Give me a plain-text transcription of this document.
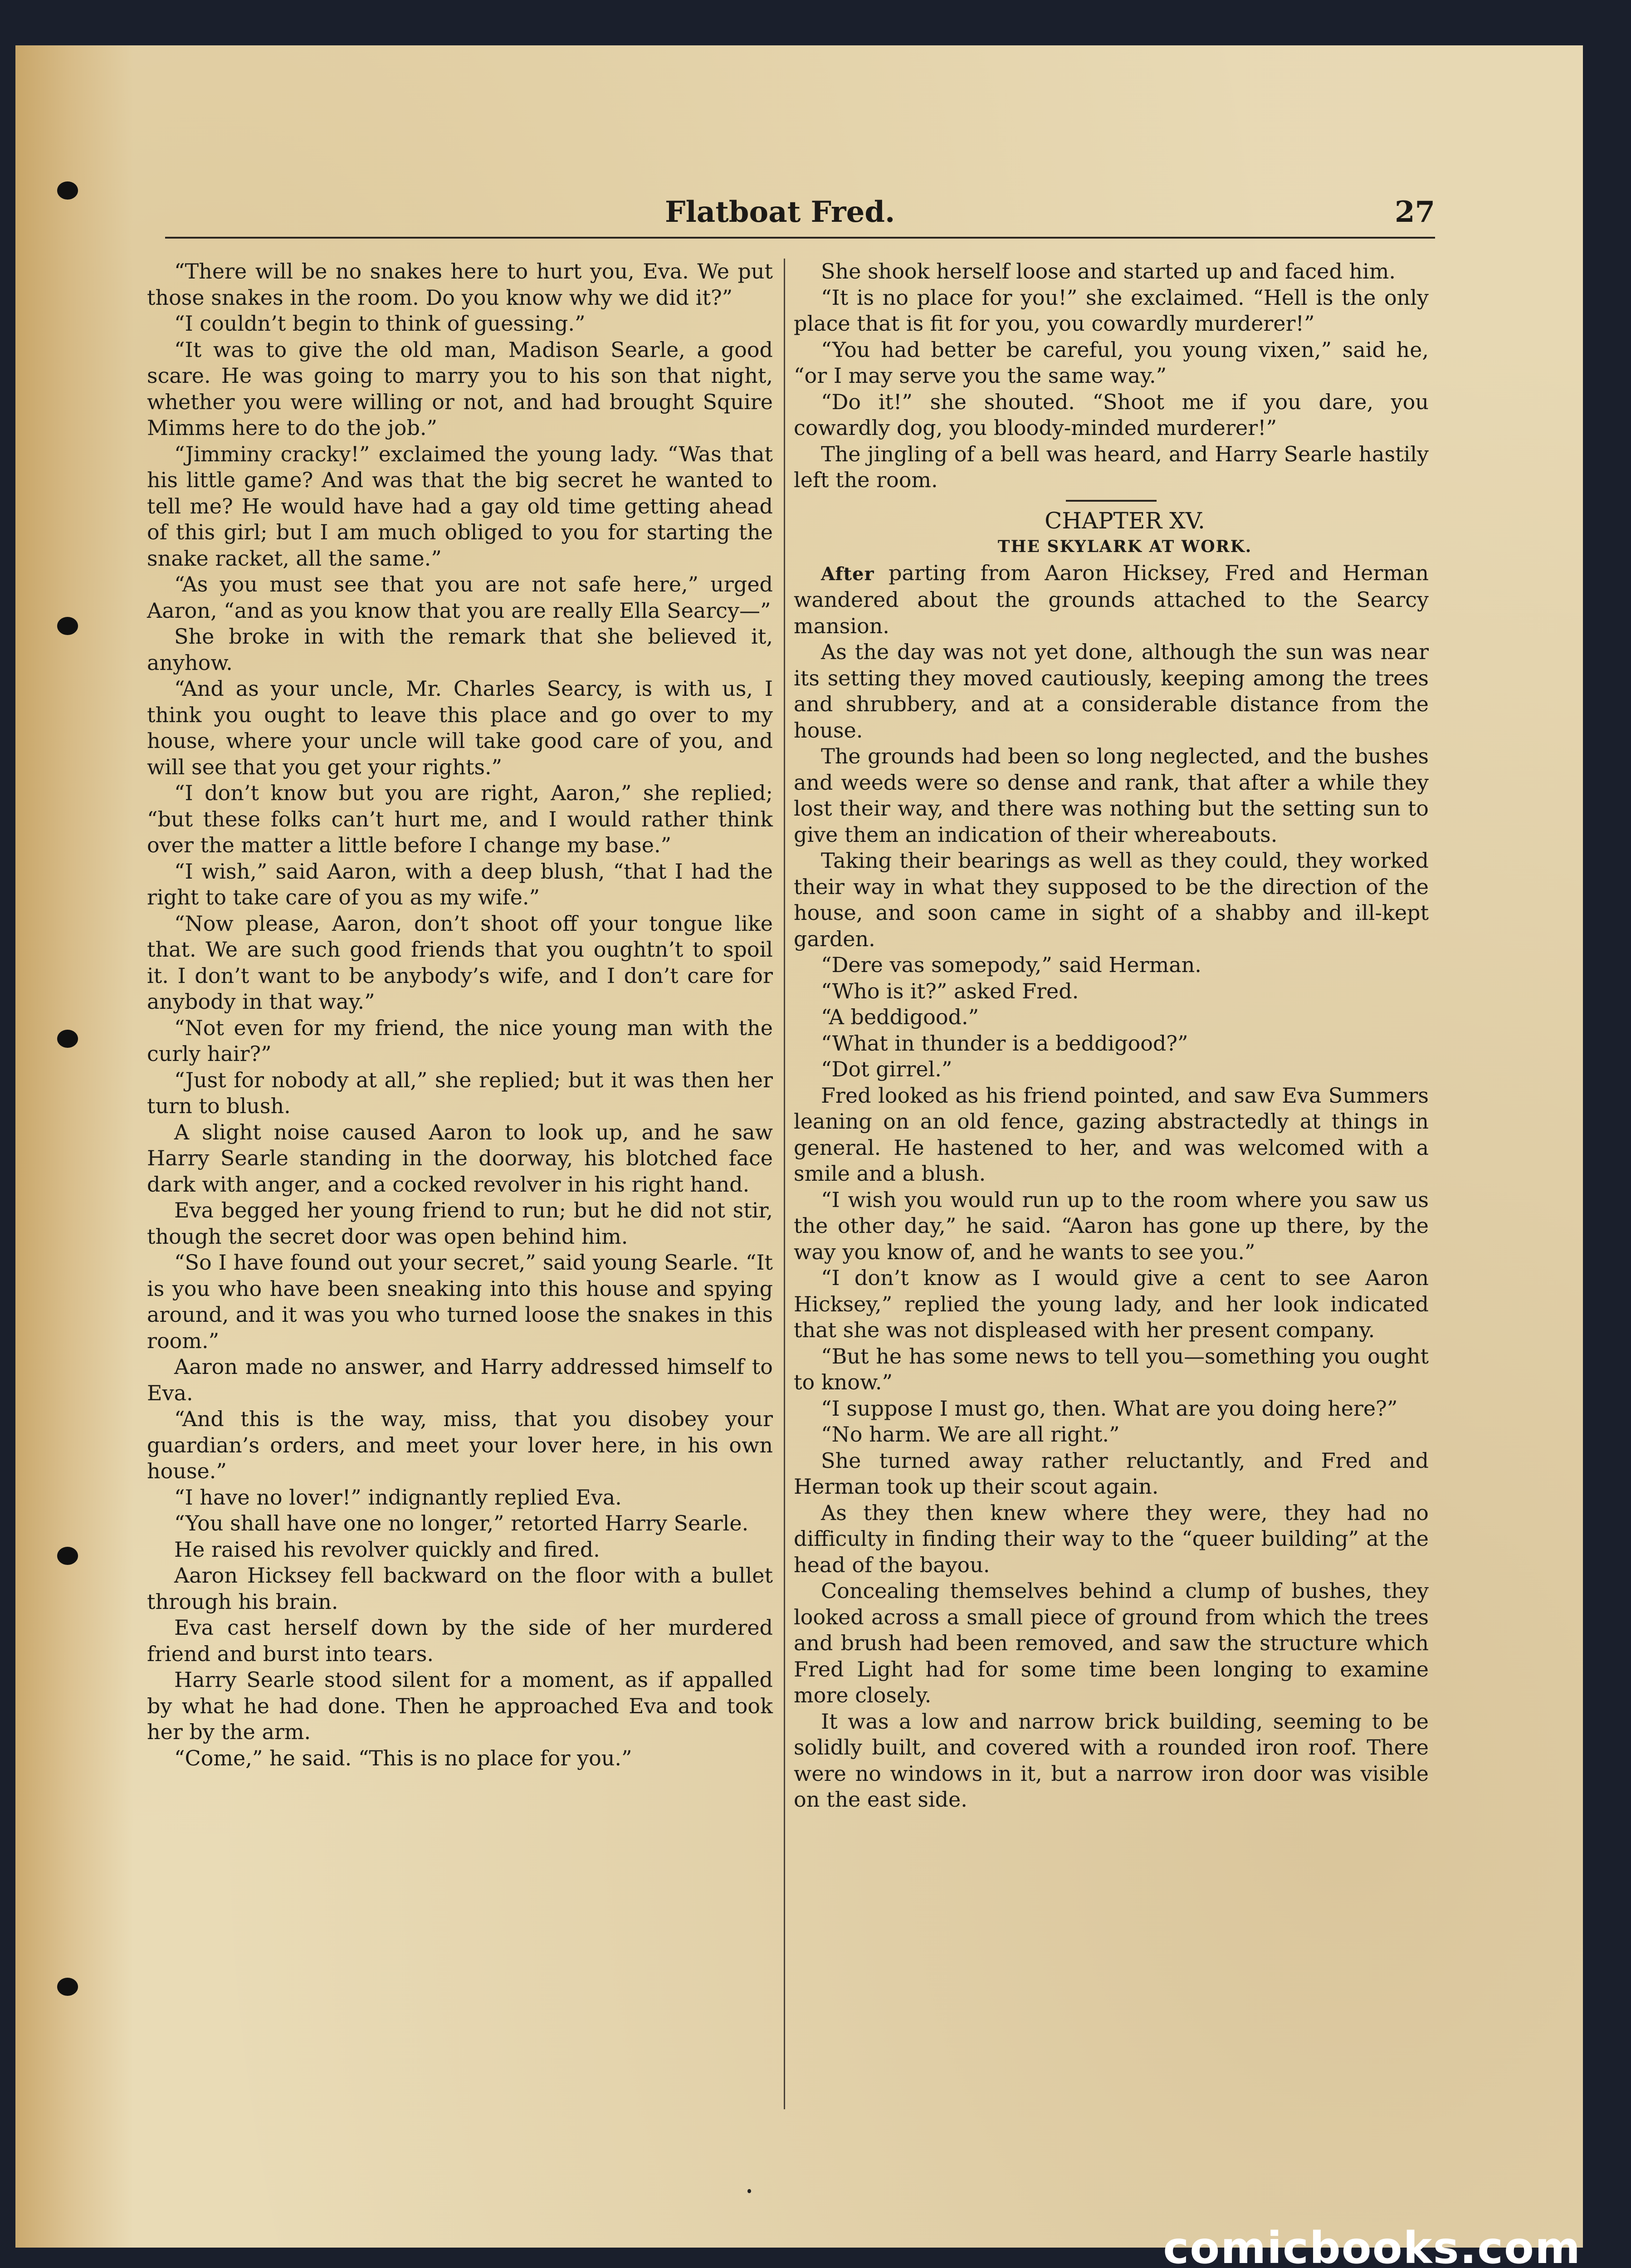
Flatboat Fred.	27

“There will be no snakes here to hurt you, Eva. We put those snakes in the room. Do you know why we did it?”

“I couldn’t begin to think of guessing.”

“It was to give the old man, Madison Searle, a good scare. He was going to marry you to his son that night, whether you were willing or not, and had brought Squire Mimms here to do the job.”

“Jimminy cracky!” exclaimed the young lady. “Was that his little game? And was that the big secret he wanted to tell me? He would have had a gay old time getting ahead of this girl; but I am much obliged to you for starting the snake racket, all the same.”

“As you must see that you are not safe here,” urged Aaron, “and as you know that you are really Ella Searcy—”

She broke in with the remark that she believed it, anyhow.

“And as your uncle, Mr. Charles Searcy, is with us, I think you ought to leave this place and go over to my house, where your uncle will take good care of you, and will see that you get your rights.”

“I don’t know but you are right, Aaron,” she replied; “but these folks can’t hurt me, and I would rather think over the matter a little before I change my base.”

“I wish,” said Aaron, with a deep blush, “that I had the right to take care of you as my wife.”

“Now please, Aaron, don’t shoot off your tongue like that. We are such good friends that you oughtn’t to spoil it. I don’t want to be anybody’s wife, and I don’t care for anybody in that way.”

“Not even for my friend, the nice young man with the curly hair?”

“Just for nobody at all,” she replied; but it was then her turn to blush.

A slight noise caused Aaron to look up, and he saw Harry Searle standing in the doorway, his blotched face dark with anger, and a cocked revolver in his right hand.

Eva begged her young friend to run; but he did not stir, though the secret door was open behind him.

“So I have found out your secret,” said young Searle. “It is you who have been sneaking into this house and spying around, and it was you who turned loose the snakes in this room.”

Aaron made no answer, and Harry addressed himself to Eva.

“And this is the way, miss, that you disobey your guardian’s orders, and meet your lover here, in his own house.”

“I have no lover!” indignantly replied Eva.

“You shall have one no longer,” retorted Harry Searle.

He raised his revolver quickly and fired.

Aaron Hicksey fell backward on the floor with a bullet through his brain.

Eva cast herself down by the side of her murdered friend and burst into tears.

Harry Searle stood silent for a moment, as if appalled by what he had done. Then he approached Eva and took her by the arm.

“Come,” he said. “This is no place for you.”

She shook herself loose and started up and faced him.

“It is no place for you!” she exclaimed. “Hell is the only place that is fit for you, you cowardly murderer!”

“You had better be careful, you young vixen,” said he, “or I may serve you the same way.”

“Do it!” she shouted. “Shoot me if you dare, you cowardly dog, you bloody-minded murderer!”

The jingling of a bell was heard, and Harry Searle hastily left the room.

CHAPTER XV.

THE SKYLARK AT WORK.

After parting from Aaron Hicksey, Fred and Herman wandered about the grounds attached to the Searcy mansion.

As the day was not yet done, although the sun was near its setting they moved cautiously, keeping among the trees and shrubbery, and at a considerable distance from the house.

The grounds had been so long neglected, and the bushes and weeds were so dense and rank, that after a while they lost their way, and there was nothing but the setting sun to give them an indication of their whereabouts.

Taking their bearings as well as they could, they worked their way in what they supposed to be the direction of the house, and soon came in sight of a shabby and ill-kept garden.

“Dere vas somepody,” said Herman.

“Who is it?” asked Fred.

“A beddigood.”

“What in thunder is a beddigood?”

“Dot girrel.”

Fred looked as his friend pointed, and saw Eva Summers leaning on an old fence, gazing abstractedly at things in general. He hastened to her, and was welcomed with a smile and a blush.

“I wish you would run up to the room where you saw us the other day,” he said. “Aaron has gone up there, by the way you know of, and he wants to see you.”

“I don’t know as I would give a cent to see Aaron Hicksey,” replied the young lady, and her look indicated that she was not displeased with her present company.

“But he has some news to tell you—something you ought to know.”

“I suppose I must go, then. What are you doing here?”

“No harm. We are all right.”

She turned away rather reluctantly, and Fred and Herman took up their scout again.

As they then knew where they were, they had no difficulty in finding their way to the “queer building” at the head of the bayou.

Concealing themselves behind a clump of bushes, they looked across a small piece of ground from which the trees and brush had been removed, and saw the structure which Fred Light had for some time been longing to examine more closely.

It was a low and narrow brick building, seeming to be solidly built, and covered with a rounded iron roof. There were no windows in it, but a narrow iron door was visible on the east side.

᛫
comicbooks.com
